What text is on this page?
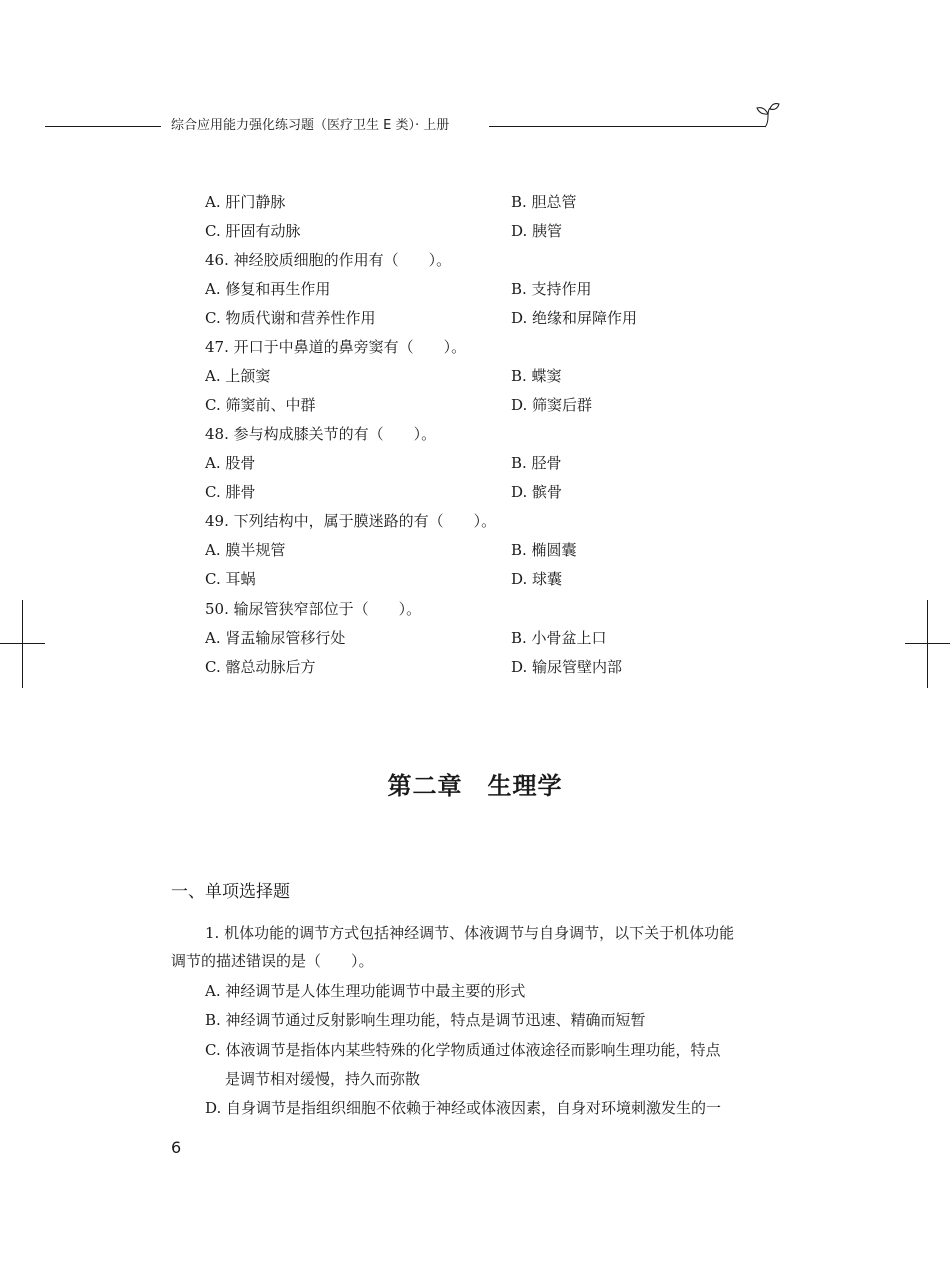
综合应用能力强化练习题（医疗卫生 E 类）· 上册
A. 肝门静脉	B. 胆总管
C. 肝固有动脉	D. 胰管
46. 神经胶质细胞的作用有（　　）。
A. 修复和再生作用	B. 支持作用
C. 物质代谢和营养性作用	D. 绝缘和屏障作用
47. 开口于中鼻道的鼻旁窦有（　　）。
A. 上颌窦	B. 蝶窦
C. 筛窦前、中群	D. 筛窦后群
48. 参与构成膝关节的有（　　）。
A. 股骨	B. 胫骨
C. 腓骨	D. 髌骨
49. 下列结构中，属于膜迷路的有（　　）。
A. 膜半规管	B. 椭圆囊
C. 耳蜗	D. 球囊
50. 输尿管狭窄部位于（　　）。
A. 肾盂输尿管移行处	B. 小骨盆上口
C. 髂总动脉后方	D. 输尿管壁内部
第二章　生理学
一、单项选择题
1. 机体功能的调节方式包括神经调节、体液调节与自身调节，以下关于机体功能
调节的描述错误的是（　　）。
A. 神经调节是人体生理功能调节中最主要的形式
B. 神经调节通过反射影响生理功能，特点是调节迅速、精确而短暂
C. 体液调节是指体内某些特殊的化学物质通过体液途径而影响生理功能，特点
是调节相对缓慢，持久而弥散
D. 自身调节是指组织细胞不依赖于神经或体液因素，自身对环境刺激发生的一
6
